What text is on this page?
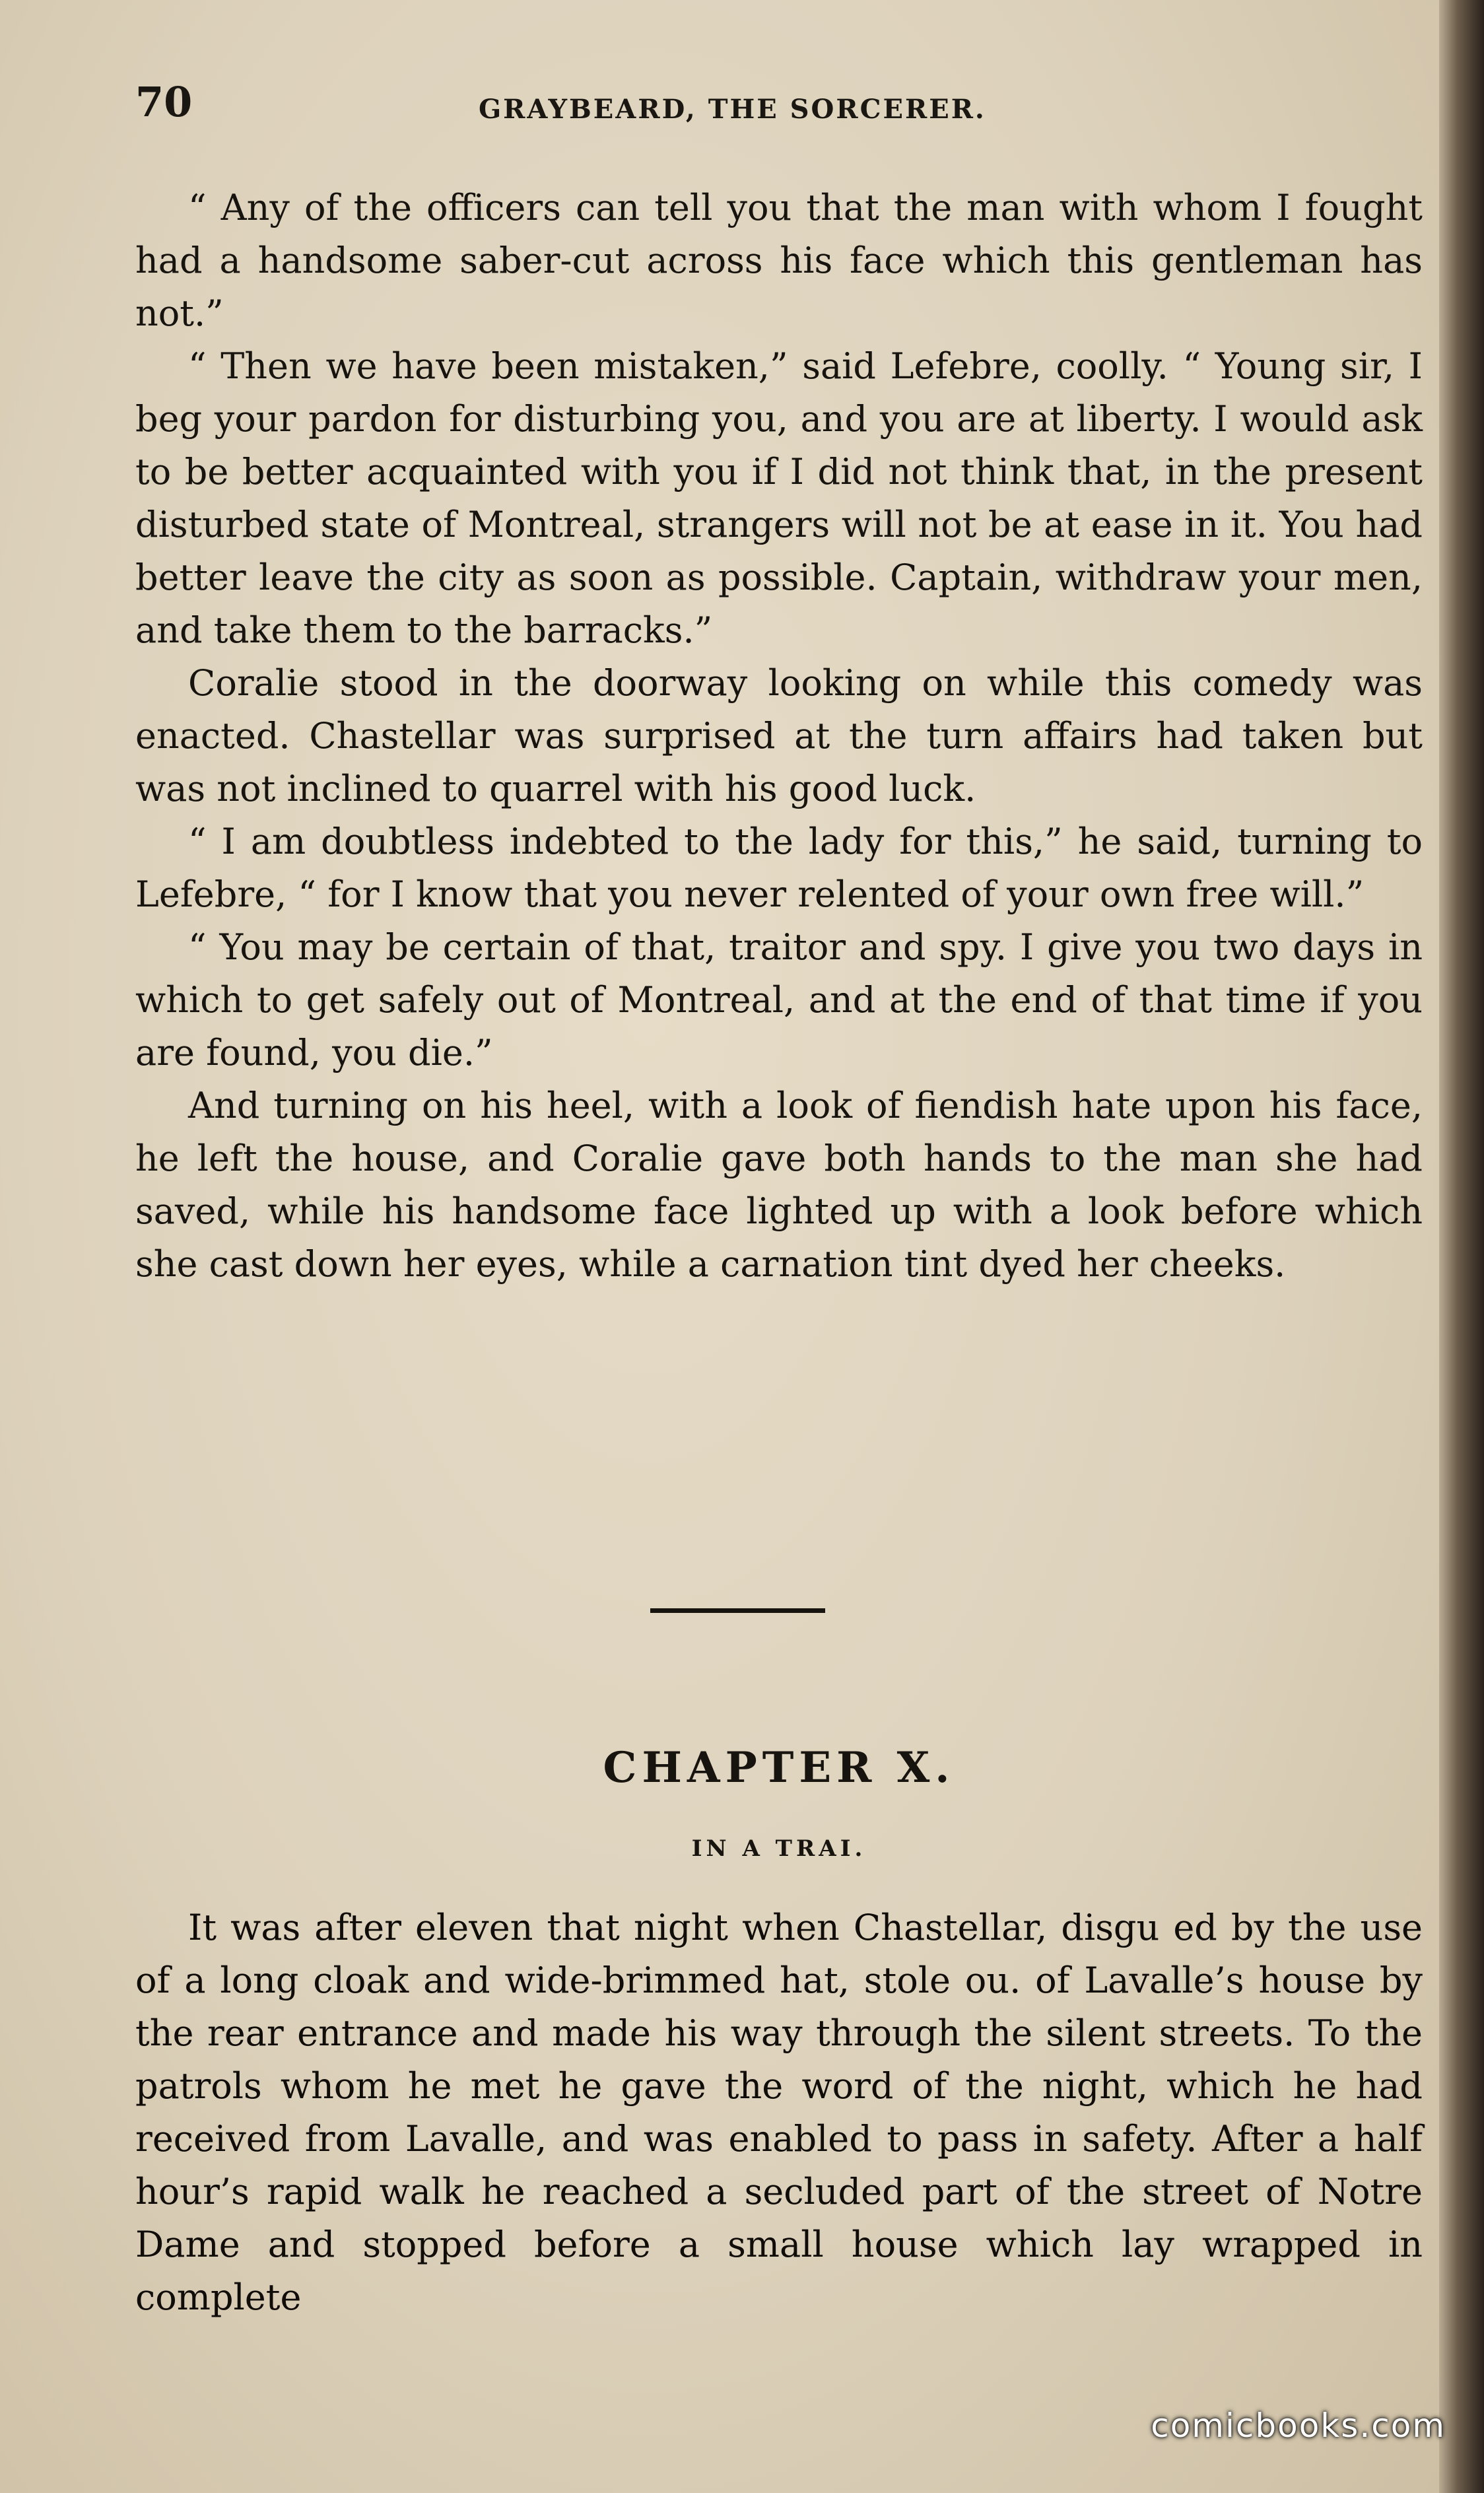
70	GRAYBEARD, THE SORCERER.

“ Any of the officers can tell you that the man with whom I fought had a handsome saber-cut across his face which this gentleman has not.”

“ Then we have been mistaken,” said Lefebre, coolly. “ Young sir, I beg your pardon for disturbing you, and you are at liberty. I would ask to be better acquainted with you if I did not think that, in the present disturbed state of Montreal, strangers will not be at ease in it. You had better leave the city as soon as possible. Captain, withdraw your men, and take them to the barracks.”

Coralie stood in the doorway looking on while this comedy was enacted. Chastellar was surprised at the turn affairs had taken but was not inclined to quarrel with his good luck.

“ I am doubtless indebted to the lady for this,” he said, turning to Lefebre, “ for I know that you never relented of your own free will.”

“ You may be certain of that, traitor and spy. I give you two days in which to get safely out of Montreal, and at the end of that time if you are found, you die.”

And turning on his heel, with a look of fiendish hate upon his face, he left the house, and Coralie gave both hands to the man she had saved, while his handsome face lighted up with a look before which she cast down her eyes, while a carnation tint dyed her cheeks.

CHAPTER X.
IN A TRAI.

It was after eleven that night when Chastellar, disgu ed by the use of a long cloak and wide-brimmed hat, stole ou. of Lavalle’s house by the rear entrance and made his way through the silent streets. To the patrols whom he met he gave the word of the night, which he had received from Lavalle, and was enabled to pass in safety. After a half hour’s rapid walk he reached a secluded part of the street of Notre Dame and stopped before a small house which lay wrapped in complete

comicbooks.com
